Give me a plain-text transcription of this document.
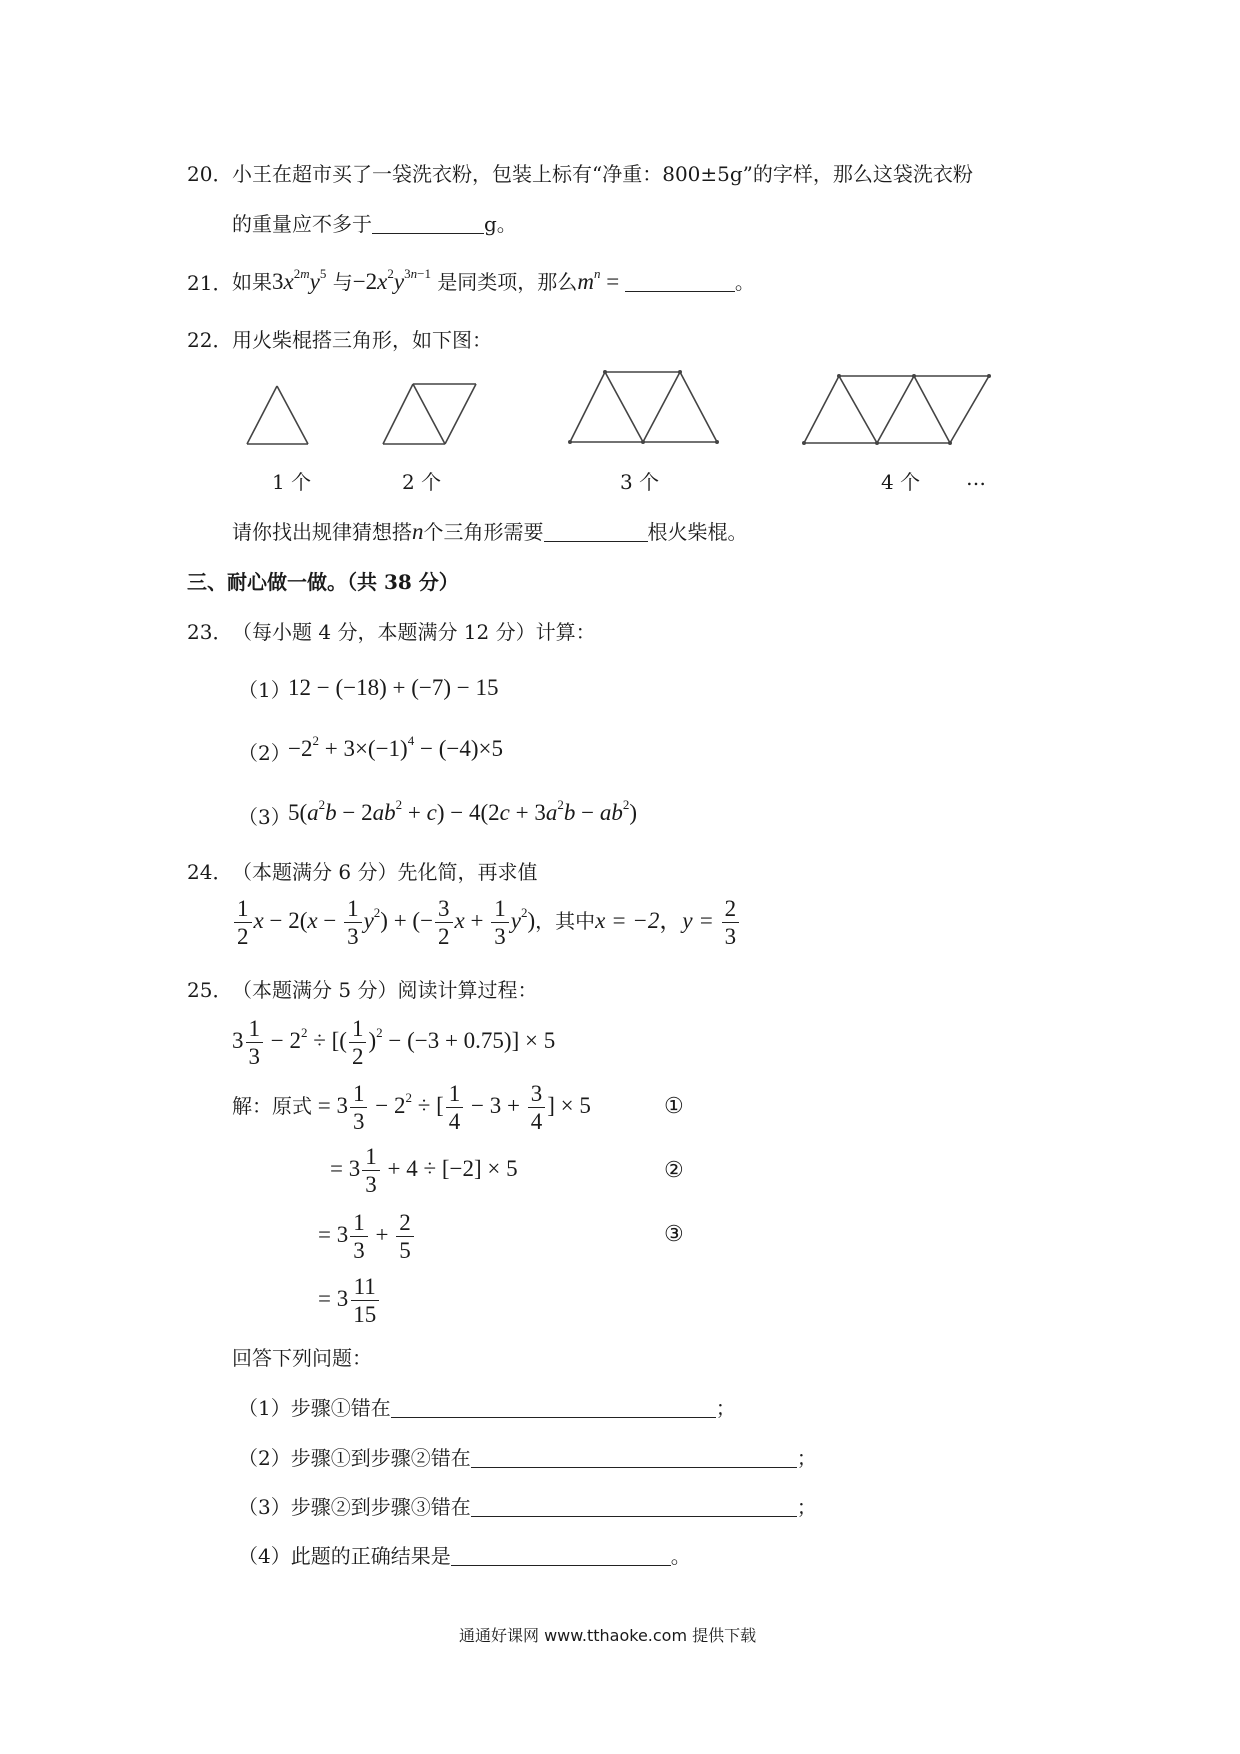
20． 小王在超市买了一袋洗衣粉，包装上标有“净重：800±5g”的字样，那么这袋洗衣粉
的重量应不多于	g。
21． 如果$3x^{2m}y^5$ 与$-2x^2y^{3n-1}$ 是同类项，那么$m^n$ =	。
22． 用火柴棍搭三角形，如下图：
1 个	2 个	3 个	4 个 …
请你找出规律猜想搭n个三角形需要	根火柴棍。
三、耐心做一做。（共 38 分）
23． （每小题 4 分，本题满分 12 分）计算：
（1）
12 − (−18) + (−7) − 15
（2）
$-2^2 + 3\times(-1)^4 - (-4)\times 5$
（3）
$5(a^2b - 2ab^2 + c) - 4(2c + 3a^2b - ab^2)$
24． （本题满分 6 分）先化简，再求值
$\frac{1}{2}$ $x - 2(x - \frac{1}{3} y^2)$ + (− $\frac{3}{2}$ $x + \frac{1}{3} y^2$)，其中x = −2，$y = \frac{2}{3}$
25． （本题满分 5 分）阅读计算过程：
$3 \frac{1}{3} - 2^2$ ÷ [( $\frac{1}{2} )^2 - (-3 + 0.75)] \times 5$
解：原式 = $3 \frac{1}{3} - 2^2$ ÷ [ $\frac{1}{4} - 3 + \frac{3}{4}$ ] × 5	①
= $3 \frac{1}{3} + 4 \div [-2] \times 5$	②
= $3 \frac{1}{3} + \frac{2}{5}$	③
= $3 \frac{11}{15}$
回答下列问题：
（1）步骤①错在	；
（2）步骤①到步骤②错在	；
（3）步骤②到步骤③错在	；
（4）此题的正确结果是	。
通通好课网 www.tthaoke.com 提供下载
